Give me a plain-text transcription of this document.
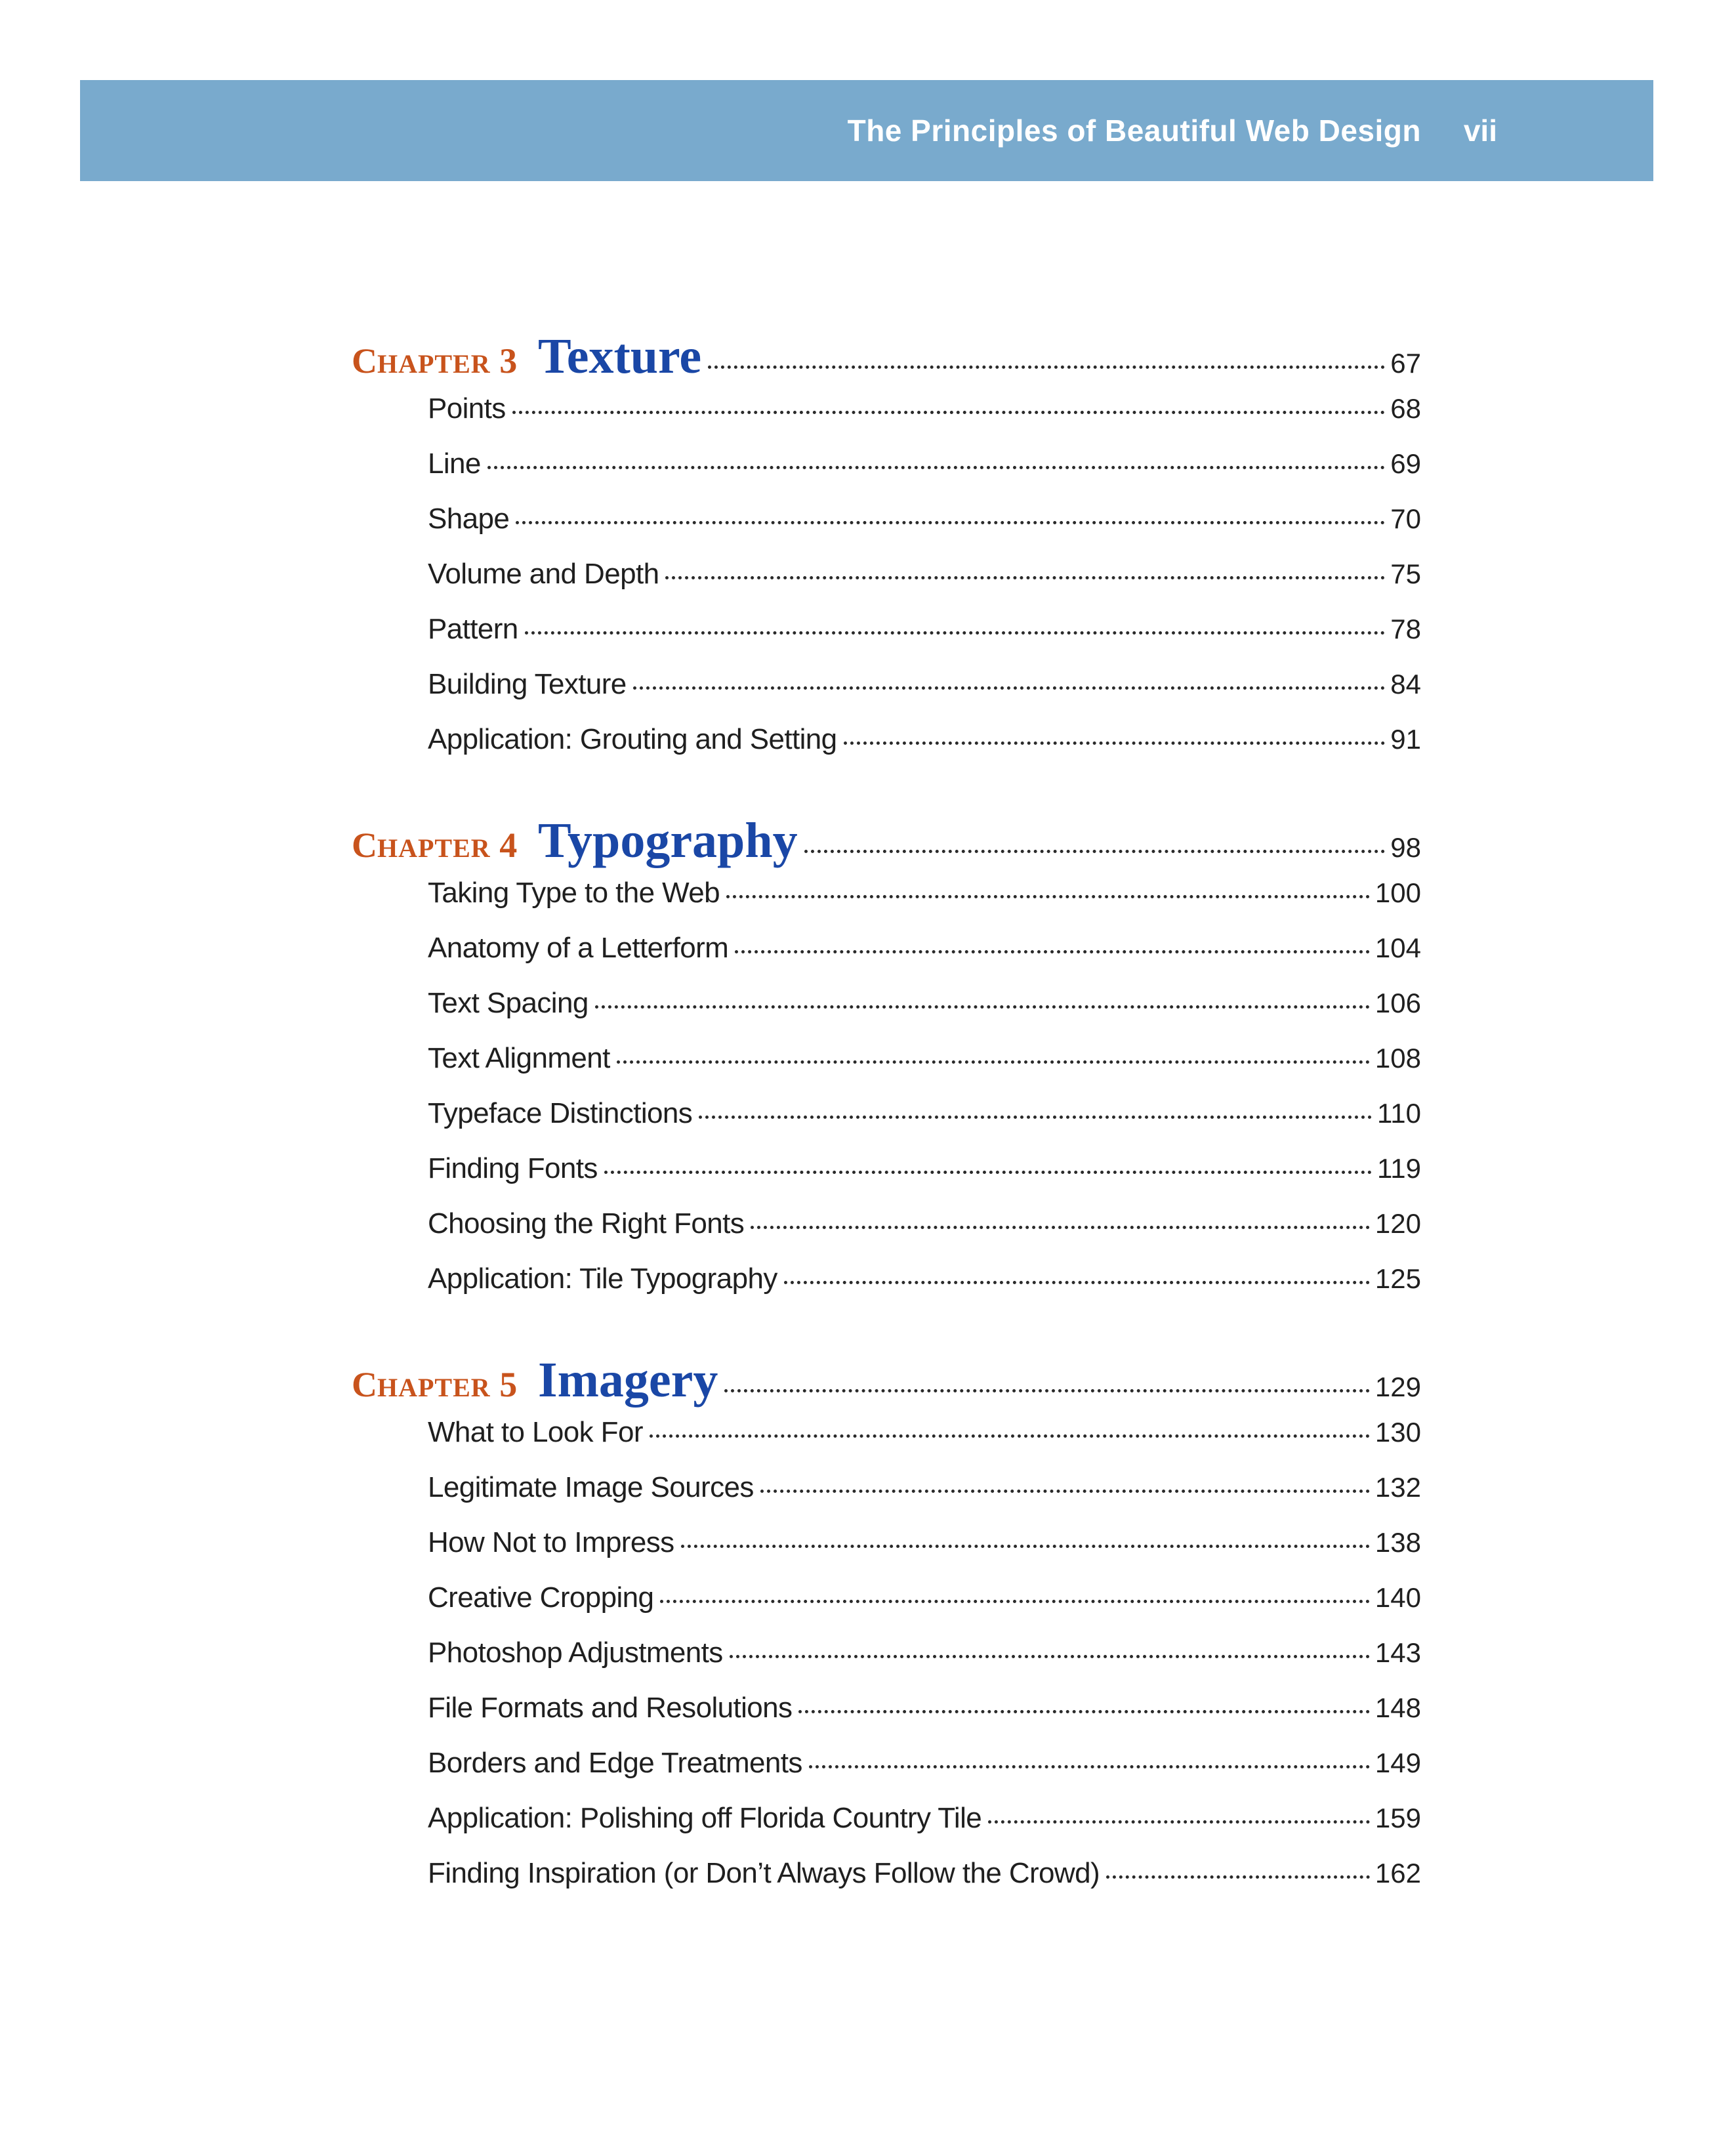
The Principles of Beautiful Web Design vii
CHAPTER 3 Texture	67
Points	68
Line	69
Shape	70
Volume and Depth	75
Pattern	78
Building Texture	84
Application: Grouting and Setting	91
CHAPTER 4 Typography	98
Taking Type to the Web	100
Anatomy of a Letterform	104
Text Spacing	106
Text Alignment	108
Typeface Distinctions	110
Finding Fonts	119
Choosing the Right Fonts	120
Application: Tile Typography	125
CHAPTER 5 Imagery	129
What to Look For	130
Legitimate Image Sources	132
How Not to Impress	138
Creative Cropping	140
Photoshop Adjustments	143
File Formats and Resolutions	148
Borders and Edge Treatments	149
Application: Polishing off Florida Country Tile	159
Finding Inspiration (or Don’t Always Follow the Crowd)	162
